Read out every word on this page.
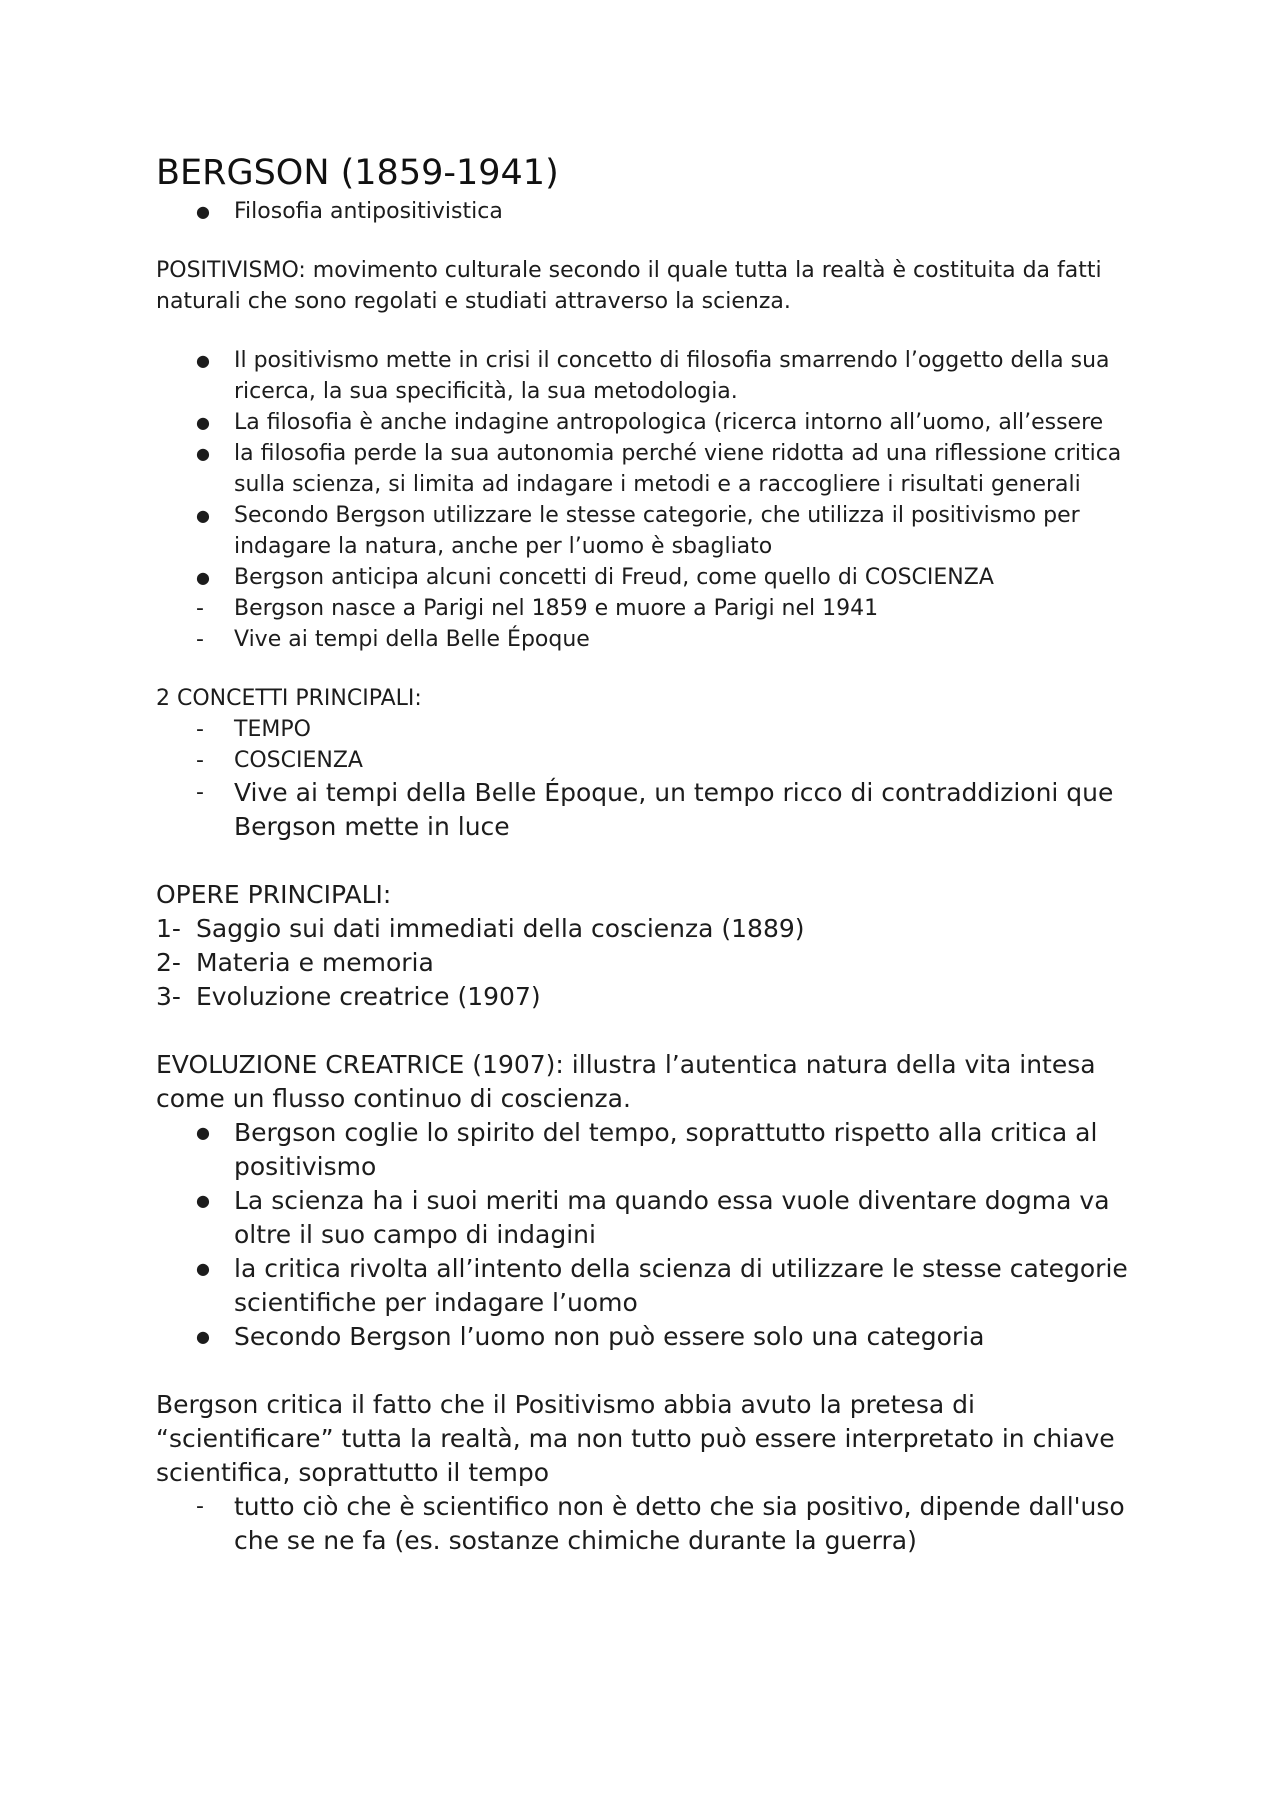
BERGSON (1859-1941)
● Filosofia antipositivistica

POSITIVISMO: movimento culturale secondo il quale tutta la realtà è costituita da fatti naturali che sono regolati e studiati attraverso la scienza.

● Il positivismo mette in crisi il concetto di filosofia smarrendo l’oggetto della sua ricerca, la sua specificità, la sua metodologia.
● La filosofia è anche indagine antropologica (ricerca intorno all’uomo, all’essere
● la filosofia perde la sua autonomia perché viene ridotta ad una riflessione critica sulla scienza, si limita ad indagare i metodi e a raccogliere i risultati generali
● Secondo Bergson utilizzare le stesse categorie, che utilizza il positivismo per indagare la natura, anche per l’uomo è sbagliato
● Bergson anticipa alcuni concetti di Freud, come quello di COSCIENZA
- Bergson nasce a Parigi nel 1859 e muore a Parigi nel 1941
- Vive ai tempi della Belle Époque

2 CONCETTI PRINCIPALI:

- TEMPO
- COSCIENZA
- Vive ai tempi della Belle Époque, un tempo ricco di contraddizioni que Bergson mette in luce

OPERE PRINCIPALI:

1- Saggio sui dati immediati della coscienza (1889)
2- Materia e memoria
3- Evoluzione creatrice (1907)

EVOLUZIONE CREATRICE (1907): illustra l’autentica natura della vita intesa come un flusso continuo di coscienza.

● Bergson coglie lo spirito del tempo, soprattutto rispetto alla critica al positivismo
● La scienza ha i suoi meriti ma quando essa vuole diventare dogma va oltre il suo campo di indagini
● la critica rivolta all’intento della scienza di utilizzare le stesse categorie scientifiche per indagare l’uomo
● Secondo Bergson l’uomo non può essere solo una categoria

Bergson critica il fatto che il Positivismo abbia avuto la pretesa di “scientificare” tutta la realtà, ma non tutto può essere interpretato in chiave scientifica, soprattutto il tempo

- tutto ciò che è scientifico non è detto che sia positivo, dipende dall'uso che se ne fa (es. sostanze chimiche durante la guerra)
